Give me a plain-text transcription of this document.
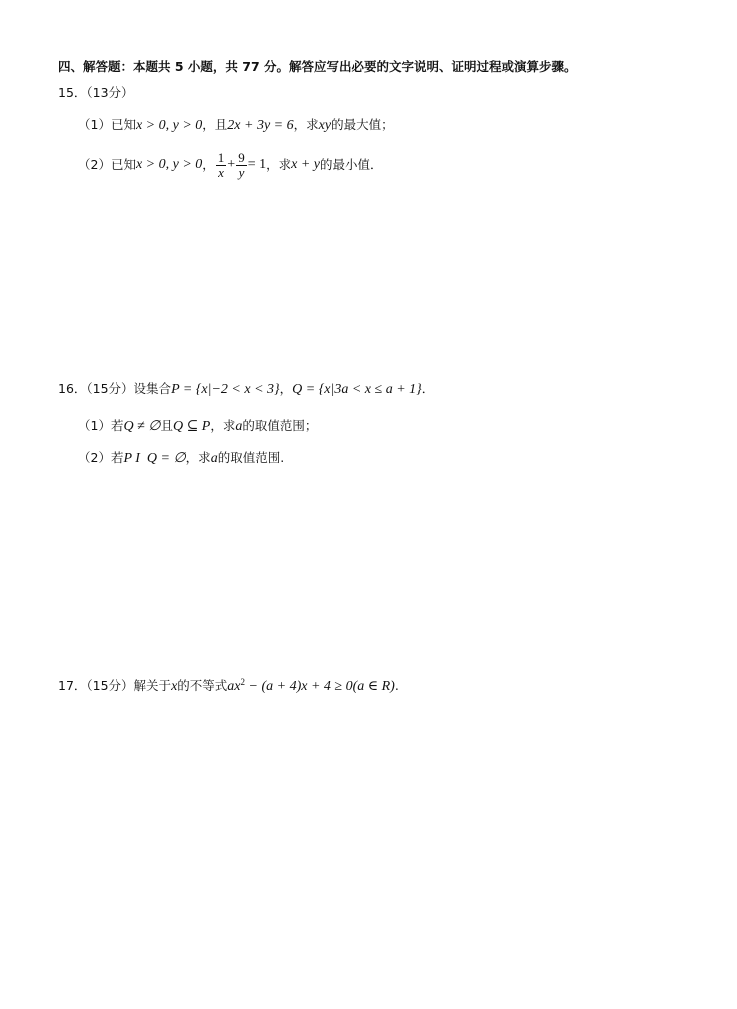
四、解答题：本题共 5 小题，共 77 分。解答应写出必要的文字说明、证明过程或演算步骤。
15．（13分）
（1）已知x > 0, y > 0，且2x + 3y = 6，求xy的最大值；
（2）已知 x > 0, y > 0 ， $\frac{1}{x} + \frac{9}{y} = 1$ ，求 x + y 的最小值．
16．（15分）设集合P = {x|−2 < x < 3}，Q = {x|3a < x ≤ a + 1}．
（1）若Q ≠ ∅且Q ⊆ P，求a的取值范围；
（2）若P I  Q = ∅，求a的取值范围.
17．（15分）解关于x的不等式$ax^2 - (a + 4)x + 4 \ge 0(a$ ∈ R).
